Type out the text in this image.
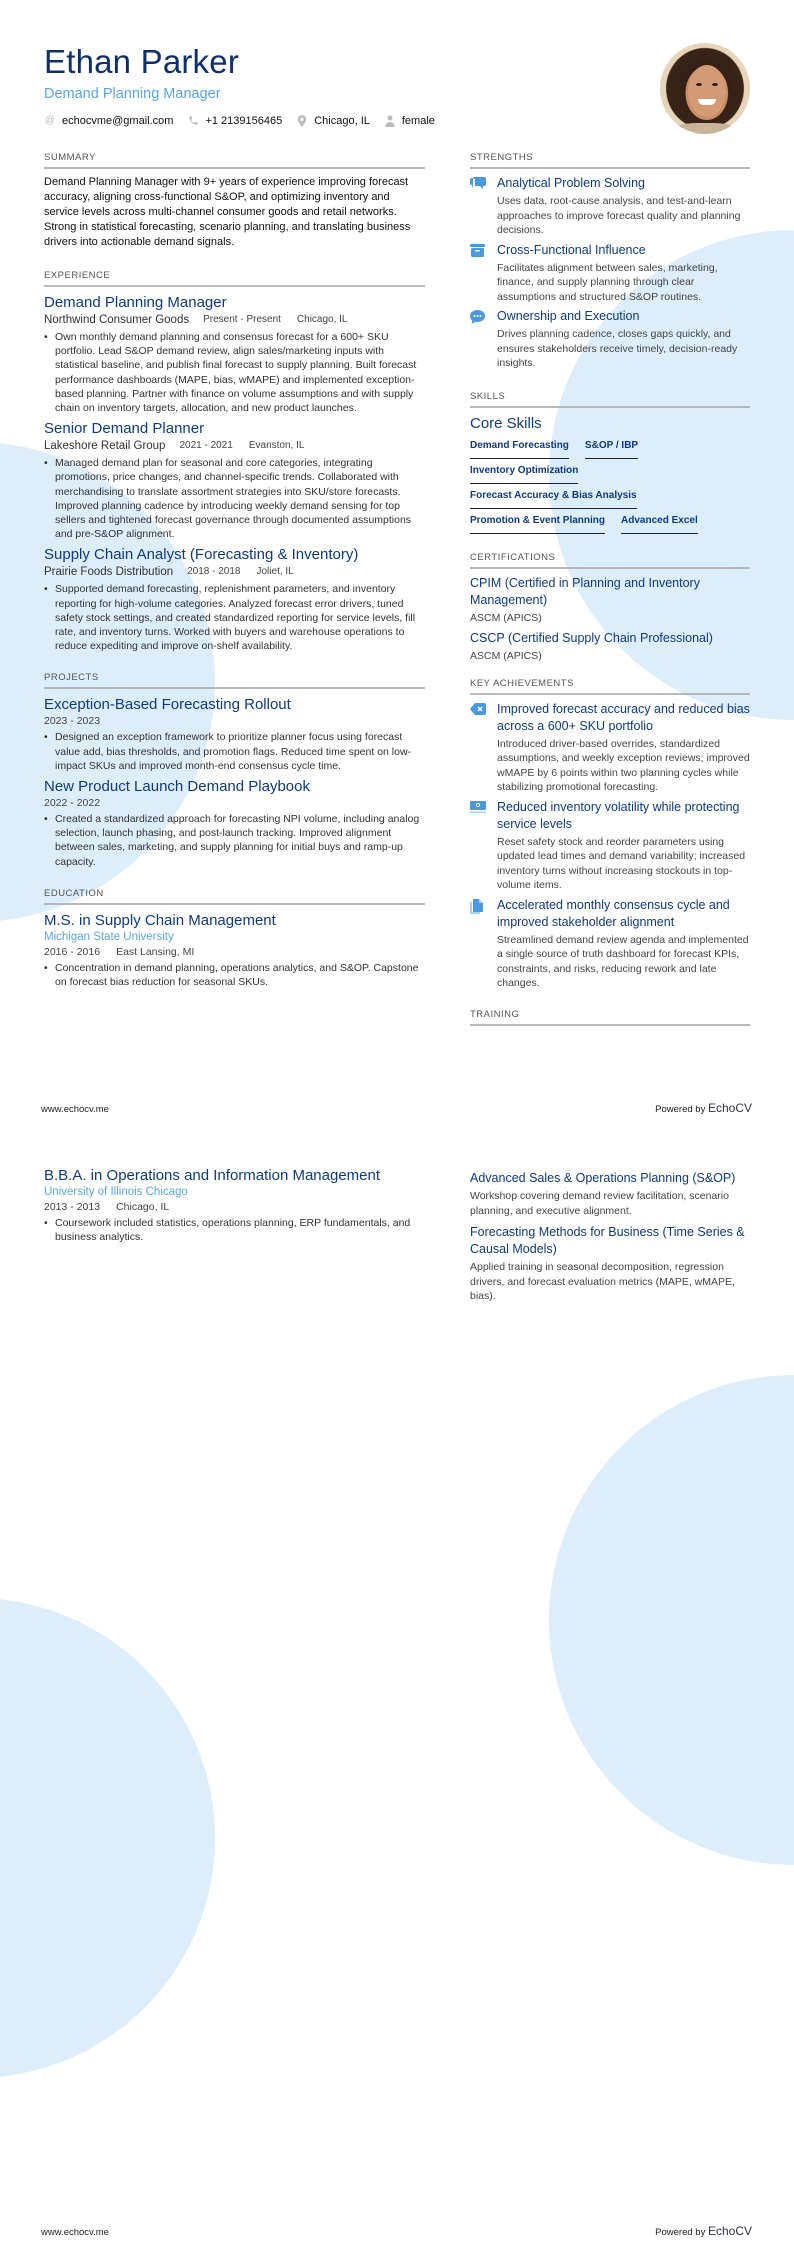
Ethan Parker
Demand Planning Manager
@ echocvme@gmail.com	+1 2139156465	Chicago, IL	female
SUMMARY

Demand Planning Manager with 9+ years of experience improving forecast accuracy, aligning cross-functional S&OP, and optimizing inventory and service levels across multi-channel consumer goods and retail networks. Strong in statistical forecasting, scenario planning, and translating business drivers into actionable demand signals.

EXPERIENCE
Demand Planning Manager
Northwind Consumer Goods Present - Present Chicago, IL
• Own monthly demand planning and consensus forecast for a 600+ SKU portfolio. Lead S&OP demand review, align sales/marketing inputs with statistical baseline, and publish final forecast to supply planning. Built forecast performance dashboards (MAPE, bias, wMAPE) and implemented exception-based planning. Partner with finance on volume assumptions and with supply chain on inventory targets, allocation, and new product launches.
Senior Demand Planner
Lakeshore Retail Group 2021 - 2021 Evanston, IL
• Managed demand plan for seasonal and core categories, integrating promotions, price changes, and channel-specific trends. Collaborated with merchandising to translate assortment strategies into SKU/store forecasts. Improved planning cadence by introducing weekly demand sensing for top sellers and tightened forecast governance through documented assumptions and pre-S&OP alignment.
Supply Chain Analyst (Forecasting & Inventory)
Prairie Foods Distribution 2018 - 2018 Joliet, IL
• Supported demand forecasting, replenishment parameters, and inventory reporting for high-volume categories. Analyzed forecast error drivers, tuned safety stock settings, and created standardized reporting for service levels, fill rate, and inventory turns. Worked with buyers and warehouse operations to reduce expediting and improve on-shelf availability.
PROJECTS
Exception-Based Forecasting Rollout
2023 - 2023
• Designed an exception framework to prioritize planner focus using forecast value add, bias thresholds, and promotion flags. Reduced time spent on low-impact SKUs and improved month-end consensus cycle time.
New Product Launch Demand Playbook
2022 - 2022
• Created a standardized approach for forecasting NPI volume, including analog selection, launch phasing, and post-launch tracking. Improved alignment between sales, marketing, and supply planning for initial buys and ramp-up capacity.
EDUCATION
M.S. in Supply Chain Management
Michigan State University
2016 - 2016 East Lansing, MI
• Concentration in demand planning, operations analytics, and S&OP. Capstone on forecast bias reduction for seasonal SKUs.
STRENGTHS
Analytical Problem Solving
Uses data, root-cause analysis, and test-and-learn approaches to improve forecast quality and planning decisions.
Cross-Functional Influence
Facilitates alignment between sales, marketing, finance, and supply planning through clear assumptions and structured S&OP routines.
Ownership and Execution
Drives planning cadence, closes gaps quickly, and ensures stakeholders receive timely, decision-ready insights.
SKILLS
Core Skills
Demand Forecasting S&OP / IBP
Inventory Optimization
Forecast Accuracy & Bias Analysis
Promotion & Event Planning Advanced Excel
CERTIFICATIONS
CPIM (Certified in Planning and Inventory Management)
ASCM (APICS)
CSCP (Certified Supply Chain Professional)
ASCM (APICS)
KEY ACHIEVEMENTS
Improved forecast accuracy and reduced bias across a 600+ SKU portfolio
Introduced driver-based overrides, standardized assumptions, and weekly exception reviews; improved wMAPE by 6 points within two planning cycles while stabilizing promotional forecasting.
Reduced inventory volatility while protecting service levels
Reset safety stock and reorder parameters using updated lead times and demand variability; increased inventory turns without increasing stockouts in top-volume items.
Accelerated monthly consensus cycle and improved stakeholder alignment
Streamlined demand review agenda and implemented a single source of truth dashboard for forecast KPIs, constraints, and risks, reducing rework and late changes.
TRAINING
www.echocv.me	Powered by EchoCV
B.B.A. in Operations and Information Management
University of Illinois Chicago
2013 - 2013 Chicago, IL
• Coursework included statistics, operations planning, ERP fundamentals, and business analytics.
Advanced Sales & Operations Planning (S&OP)
Workshop covering demand review facilitation, scenario planning, and executive alignment.
Forecasting Methods for Business (Time Series & Causal Models)
Applied training in seasonal decomposition, regression drivers, and forecast evaluation metrics (MAPE, wMAPE, bias).
www.echocv.me	Powered by EchoCV
